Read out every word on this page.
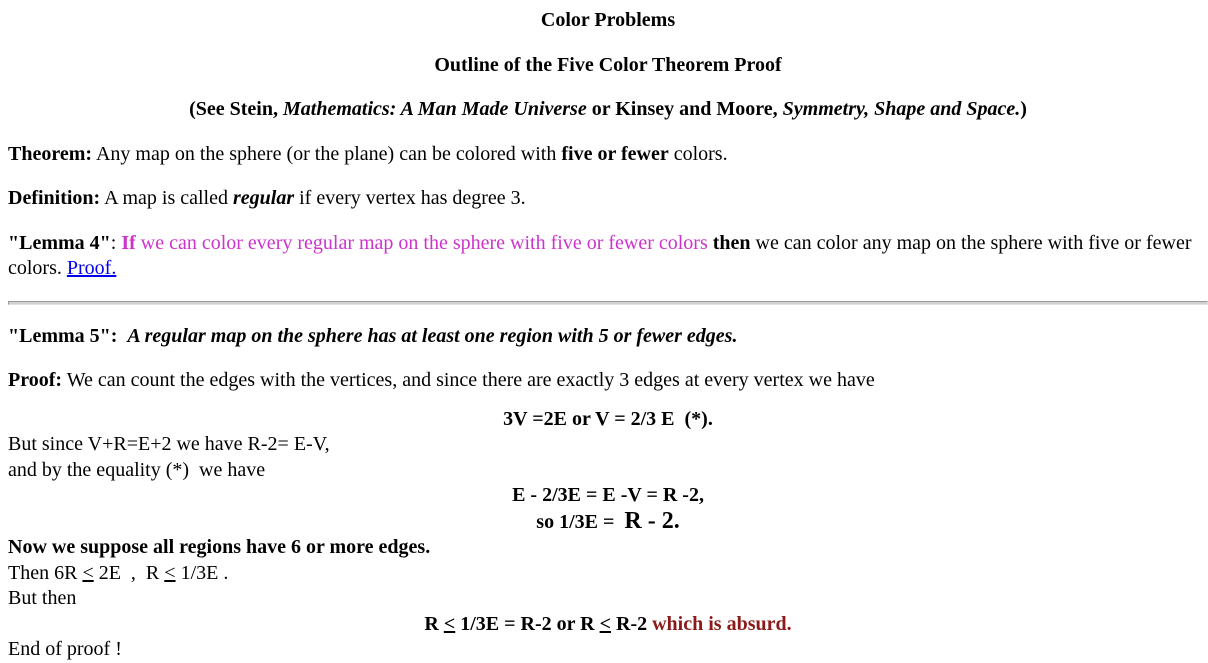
Color Problems

Outline of the Five Color Theorem Proof

(See Stein, Mathematics: A Man Made Universe or Kinsey and Moore, Symmetry, Shape and Space.)

Theorem: Any map on the sphere (or the plane) can be colored with five or fewer colors.

Definition: A map is called regular if every vertex has degree 3.

"Lemma 4": If we can color every regular map on the sphere with five or fewer colors then we can color any map on the sphere with five or fewer colors. Proof.

"Lemma 5": A regular map on the sphere has at least one region with 5 or fewer edges.

Proof: We can count the edges with the vertices, and since there are exactly 3 edges at every vertex we have

3V =2E or V = 2/3 E  (*).
But since V+R=E+2 we have R-2= E-V,
and by the equality (*)  we have
E - 2/3E = E -V = R -2,
so 1/3E =  R - 2.
Now we suppose all regions have 6 or more edges.
Then 6R ≤ 2E  ,  R ≤ 1/3E .
But then
R < 1/3E = R-2 or R < R-2 which is absurd.
End of proof !
